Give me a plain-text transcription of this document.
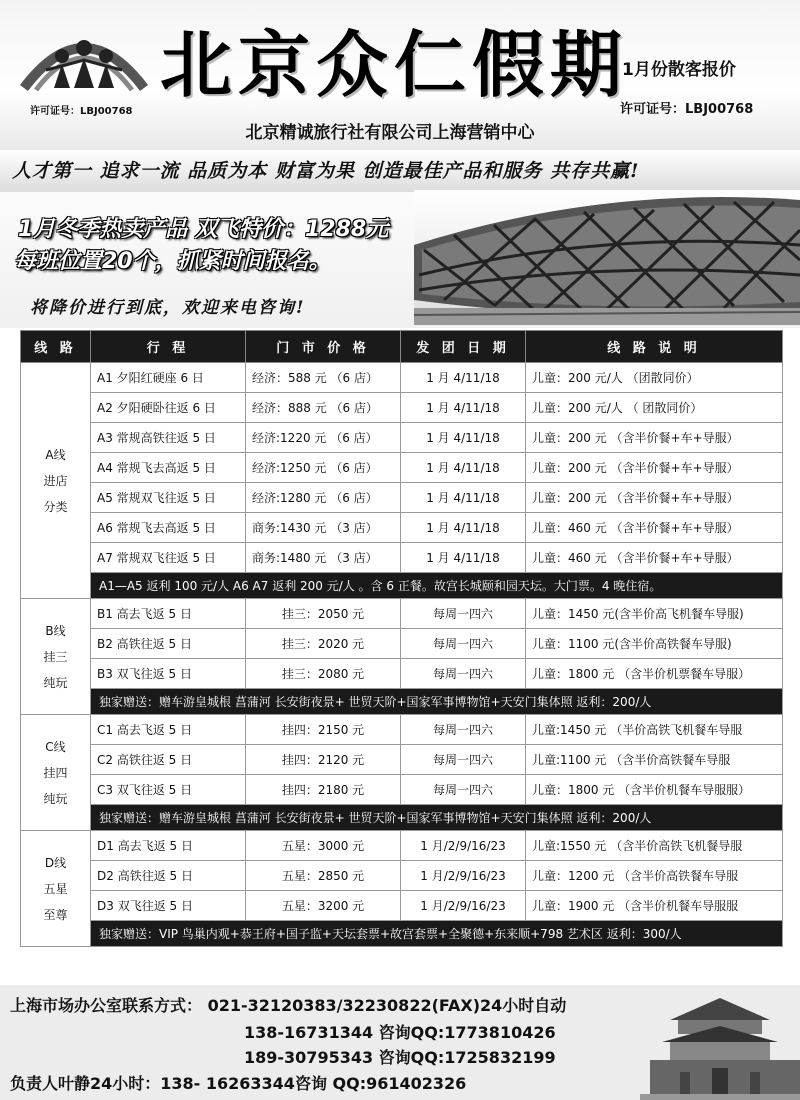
许可证号：LBJ00768
北京众仁假期
1月份散客报价
许可证号：LBJ00768
北京精诚旅行社有限公司上海营销中心
人才第一 追求一流 品质为本 财富为果 创造最佳产品和服务 共存共赢!
1月冬季热卖产品 双飞特价：1288元
每班位置20个，抓紧时间报名。
将降价进行到底，欢迎来电咨询!
线 路	行 程	门 市 价 格	发 团 日 期	线 路 说 明
A线
进店
分类	A1 夕阳红硬座 6 日	经济：588 元 （6 店）	1 月 4/11/18	儿童：200 元/人 （团散同价）
	A2 夕阳硬卧往返 6 日	经济：888 元 （6 店）	1 月 4/11/18	儿童：200 元/人 （ 团散同价）
	A3 常规高铁往返 5 日	经济:1220 元 （6 店）	1 月 4/11/18	儿童：200 元 （含半价餐+车+导服）
	A4 常规飞去高返 5 日	经济:1250 元 （6 店）	1 月 4/11/18	儿童：200 元 （含半价餐+车+导服）
	A5 常规双飞往返 5 日	经济:1280 元 （6 店）	1 月 4/11/18	儿童：200 元 （含半价餐+车+导服）
	A6 常规飞去高返 5 日	商务:1430 元 （3 店）	1 月 4/11/18	儿童：460 元 （含半价餐+车+导服）
	A7 常规双飞往返 5 日	商务:1480 元 （3 店）	1 月 4/11/18	儿童：460 元 （含半价餐+车+导服）
	A1—A5 返利 100 元/人 A6 A7 返利 200 元/人 。含 6 正餐。故宫长城颐和园天坛。大门票。4 晚住宿。			
B线
挂三
纯玩	B1 高去飞返 5 日	挂三：2050 元	每周一四六	儿童：1450 元(含半价高飞机餐车导服)
	B2 高铁往返 5 日	挂三：2020 元	每周一四六	儿童：1100 元(含半价高铁餐车导服)
	B3 双飞往返 5 日	挂三：2080 元	每周一四六	儿童：1800 元 （含半价机票餐车导服）
	独家赠送：赠车游皇城根 菖蒲河 长安街夜景+ 世贸天阶+国家军事博物馆+天安门集体照 返利：200/人			
C线
挂四
纯玩	C1 高去飞返 5 日	挂四：2150 元	每周一四六	儿童:1450 元 （半价高铁飞机餐车导服
	C2 高铁往返 5 日	挂四：2120 元	每周一四六	儿童:1100 元 （含半价高铁餐车导服
	C3 双飞往返 5 日	挂四：2180 元	每周一四六	儿童：1800 元 （含半价机餐车导服服）
	独家赠送：赠车游皇城根 菖蒲河 长安街夜景+ 世贸天阶+国家军事博物馆+天安门集体照 返利：200/人			
D线
五星
至尊	D1 高去飞返 5 日	五星：3000 元	1 月/2/9/16/23	儿童:1550 元 （含半价高铁飞机餐导服
	D2 高铁往返 5 日	五星：2850 元	1 月/2/9/16/23	儿童：1200 元 （含半价高铁餐车导服
	D3 双飞往返 5 日	五星：3200 元	1 月/2/9/16/23	儿童：1900 元 （含半价机餐车导服服
	独家赠送：VIP 鸟巢内观+恭王府+国子监+天坛套票+故宫套票+全聚德+东来顺+798 艺术区 返利：300/人			
上海市场办公室联系方式： 021-32120383/32230822(FAX)24小时自动
138-16731344 咨询QQ:1773810426
189-30795343 咨询QQ:1725832199
负责人叶静24小时：138- 16263344咨询 QQ:961402326
